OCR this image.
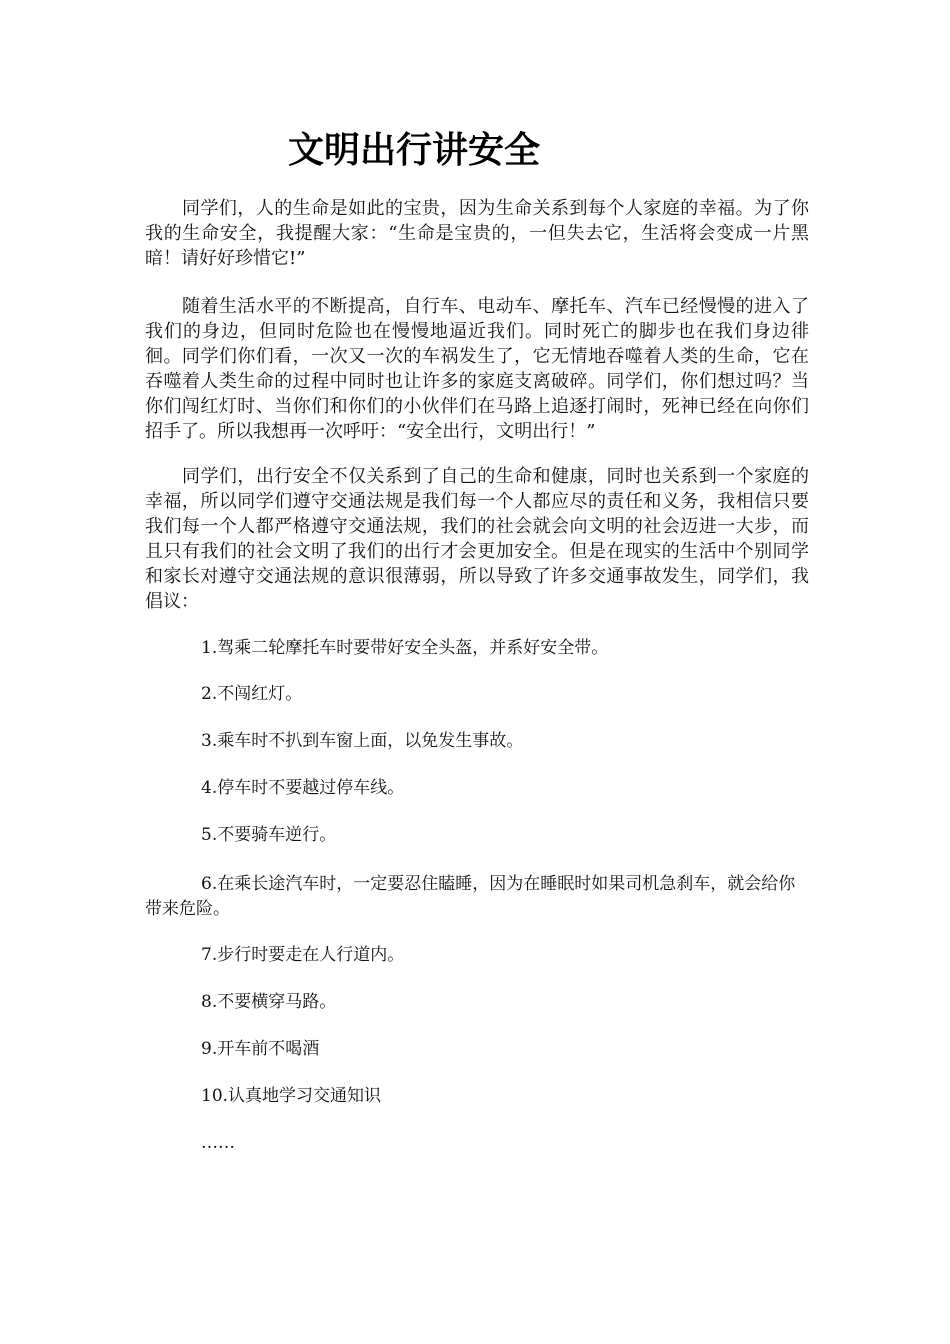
文明出行讲安全

同学们，人的生命是如此的宝贵，因为生命关系到每个人家庭的幸福。为了你我的生命安全，我提醒大家：“生命是宝贵的，一但失去它，生活将会变成一片黑暗！请好好珍惜它!”

随着生活水平的不断提高，自行车、电动车、摩托车、汽车已经慢慢的进入了我们的身边，但同时危险也在慢慢地逼近我们。同时死亡的脚步也在我们身边徘徊。同学们你们看，一次又一次的车祸发生了，它无情地吞噬着人类的生命，它在吞噬着人类生命的过程中同时也让许多的家庭支离破碎。同学们，你们想过吗？当你们闯红灯时、当你们和你们的小伙伴们在马路上追逐打闹时，死神已经在向你们招手了。所以我想再一次呼吁：“安全出行，文明出行！”

同学们，出行安全不仅关系到了自己的生命和健康，同时也关系到一个家庭的幸福，所以同学们遵守交通法规是我们每一个人都应尽的责任和义务，我相信只要我们每一个人都严格遵守交通法规，我们的社会就会向文明的社会迈进一大步，而且只有我们的社会文明了我们的出行才会更加安全。但是在现实的生活中个别同学和家长对遵守交通法规的意识很薄弱，所以导致了许多交通事故发生，同学们，我倡议：

1.驾乘二轮摩托车时要带好安全头盔，并系好安全带。

2.不闯红灯。

3.乘车时不扒到车窗上面，以免发生事故。

4.停车时不要越过停车线。

5.不要骑车逆行。

6.在乘长途汽车时，一定要忍住瞌睡，因为在睡眠时如果司机急刹车，就会给你带来危险。

7.步行时要走在人行道内。

8.不要横穿马路。

9.开车前不喝酒

10.认真地学习交通知识

……
